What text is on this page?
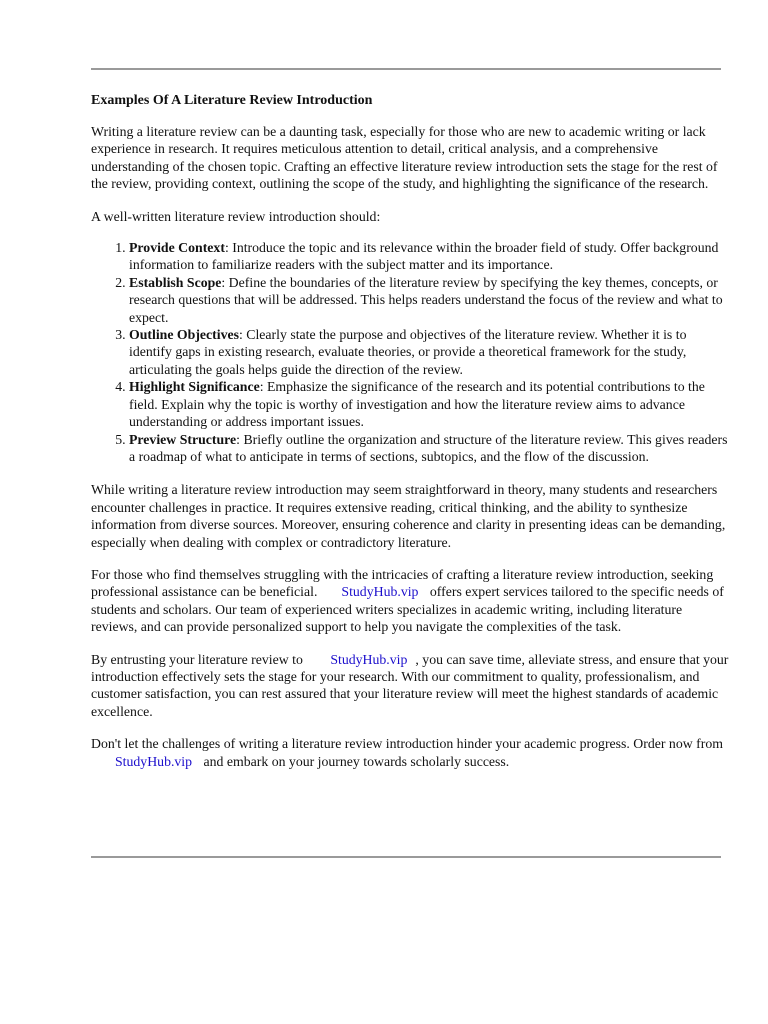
Examples Of A Literature Review Introduction

Writing a literature review can be a daunting task, especially for those who are new to academic writing or lack experience in research. It requires meticulous attention to detail, critical analysis, and a comprehensive understanding of the chosen topic. Crafting an effective literature review introduction sets the stage for the rest of the review, providing context, outlining the scope of the study, and highlighting the significance of the research.

A well-written literature review introduction should:

1. Provide Context: Introduce the topic and its relevance within the broader field of study. Offer background information to familiarize readers with the subject matter and its importance.
2. Establish Scope: Define the boundaries of the literature review by specifying the key themes, concepts, or research questions that will be addressed. This helps readers understand the focus of the review and what to expect.
3. Outline Objectives: Clearly state the purpose and objectives of the literature review. Whether it is to identify gaps in existing research, evaluate theories, or provide a theoretical framework for the study, articulating the goals helps guide the direction of the review.
4. Highlight Significance: Emphasize the significance of the research and its potential contributions to the field. Explain why the topic is worthy of investigation and how the literature review aims to advance understanding or address important issues.
5. Preview Structure: Briefly outline the organization and structure of the literature review. This gives readers a roadmap of what to anticipate in terms of sections, subtopics, and the flow of the discussion.

While writing a literature review introduction may seem straightforward in theory, many students and researchers encounter challenges in practice. It requires extensive reading, critical thinking, and the ability to synthesize information from diverse sources. Moreover, ensuring coherence and clarity in presenting ideas can be demanding, especially when dealing with complex or contradictory literature.

For those who find themselves struggling with the intricacies of crafting a literature review introduction, seeking professional assistance can be beneficial. StudyHub.vip offers expert services tailored to the specific needs of students and scholars. Our team of experienced writers specializes in academic writing, including literature reviews, and can provide personalized support to help you navigate the complexities of the task.

By entrusting your literature review to StudyHub.vip , you can save time, alleviate stress, and ensure that your introduction effectively sets the stage for your research. With our commitment to quality, professionalism, and customer satisfaction, you can rest assured that your literature review will meet the highest standards of academic excellence.

Don't let the challenges of writing a literature review introduction hinder your academic progress. Order now from StudyHub.vip and embark on your journey towards scholarly success.
